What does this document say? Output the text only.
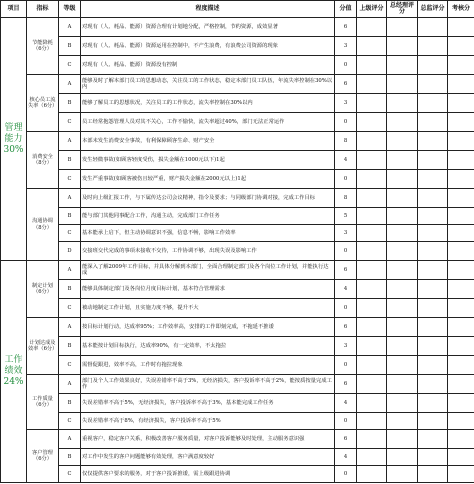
项目	指标	等级	程度描述	分值	上级评分	总经理评分	总监评分	考核分
管理能力30%	节能降耗（6分）	A	对现有（人、耗品、能源）资源合理有计划地分配，严格控制，节约资源，成效显著	6				
		B	对现有（人、耗品、能源）资源运用在控制中，不产生浪费，有浪费公司资源的现象	3				
		C	对现有（人、耗品、能源）资源没有控制	0				
	核心员工流失率（6分）	A	能够及时了解本部门员工的思想动态，关注员工的工作状态，稳定本部门员工队伍，年流失率控制在30%以内	6				
		B	能够了解员工的思想状况，关注员工的工作状态，流失率控制在30%以内	3				
		C	员工经常抱怨管理人员对其不关心，工作不愉快，流失率超过40%，部门无法正常运作	0				
	消费安全（8分）	A	本部未发生消费安全事故，有利保障顾客生命、财产安全	8				
		B	发生轻微事故(如顾客轻度受伤，损失金额在1000元以下)1起	4				
		C	发生严重事故(如顾客被伤且较严重，财产损失金额在2000元以上)1起	0				
	沟通协调（8分）	A	及时向上级汇报工作，与下属传达公司会议精神，指令及要求；与同级部门协调对接，完成工作目标	8				
		B	能与部门其他同事配合工作，沟通主动，完成部门工作任务	5				
		C	基本能承上启下，但主动协调意识不强，信息不畅，影响工作效率	3				
		D	交接班交代完成的事项未接收不交待，工作协调不够，出现失误及影响工作	0				
工作绩效24%	制定计划（6分）	A	能深入了解2009年工作目标，并具体分解到本部门，全面合理制定部门及各个岗位工作计划，并能执行达成	6				
		B	能够具体制定部门及各岗位月度目标计划，基本符合管理需求	4				
		C	被动地制定工作计划，且实施力度不够，提升不大	0				
	计划达成及效率（6分）	A	按目标计划行动，达成率95%；工作效率高，安排的工作即刻完成，不拖延不推诿	6				
		B	基本能按计划目标执行，达成率90%，有一定效率，不太拖拉	3				
		C	需督促跟进，效率不高，工作时有拖拉现象	0				
	工作质量（6分）	A	部门及个人工作效果良好，失误差错率不高于3%，无经济损失，客户投诉率不高于2%，能按质按量完成工作	6				
		B	失误差错率不高于5%，无经济损失，客户投诉率不高于3%，基本能完成工作任务	4				
		C	失误差错率不高于8%，有经济损失，客户投诉率不高于5%	0				
	客户管理（6分）	A	重视客户，稳定客户关系，积极改善客户服务质量，对客户投诉能够及时处理，主动服务意识强	6				
		B	对工作中发生的客户问题能够有效处理，客户满意度较好	4				
		C	仅仅提供客户要求的服务，对于客户投诉推诿，需上级跟进协调	0				
